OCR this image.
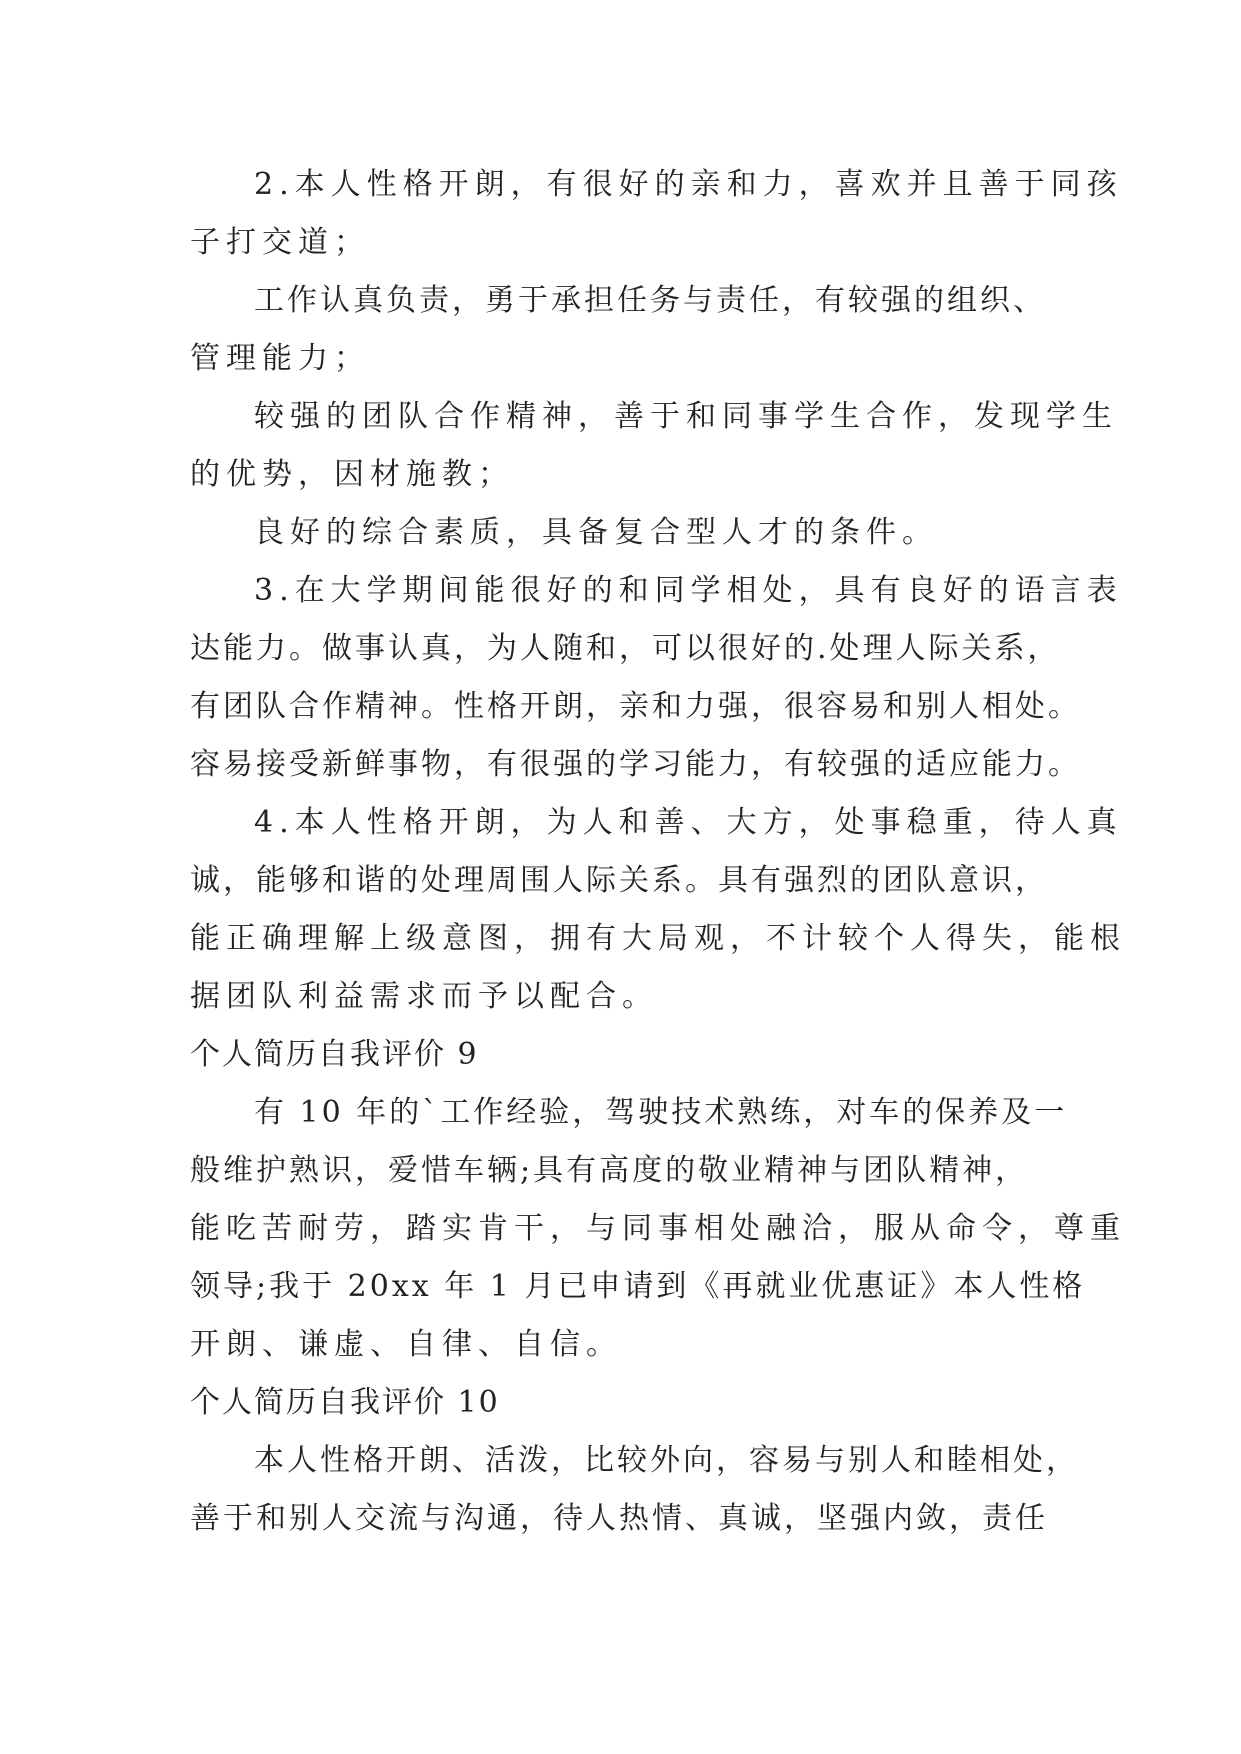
2.本人性格开朗，有很好的亲和力，喜欢并且善于同孩

子打交道；

工作认真负责，勇于承担任务与责任，有较强的组织、

管理能力；

较强的团队合作精神，善于和同事学生合作，发现学生

的优势，因材施教；

良好的综合素质，具备复合型人才的条件。

3.在大学期间能很好的和同学相处，具有良好的语言表

达能力。做事认真，为人随和，可以很好的.处理人际关系，

有团队合作精神。性格开朗，亲和力强，很容易和别人相处。

容易接受新鲜事物，有很强的学习能力，有较强的适应能力。

4.本人性格开朗，为人和善、大方，处事稳重，待人真

诚，能够和谐的处理周围人际关系。具有强烈的团队意识，

能正确理解上级意图，拥有大局观，不计较个人得失，能根

据团队利益需求而予以配合。

个人简历自我评价 9

有 10 年的`工作经验，驾驶技术熟练，对车的保养及一

般维护熟识，爱惜车辆;具有高度的敬业精神与团队精神，

能吃苦耐劳，踏实肯干，与同事相处融洽，服从命令，尊重

领导;我于 20xx 年 1 月已申请到《再就业优惠证》本人性格

开朗、谦虚、自律、自信。

个人简历自我评价 10

本人性格开朗、活泼，比较外向，容易与别人和睦相处，

善于和别人交流与沟通，待人热情、真诚，坚强内敛，责任
